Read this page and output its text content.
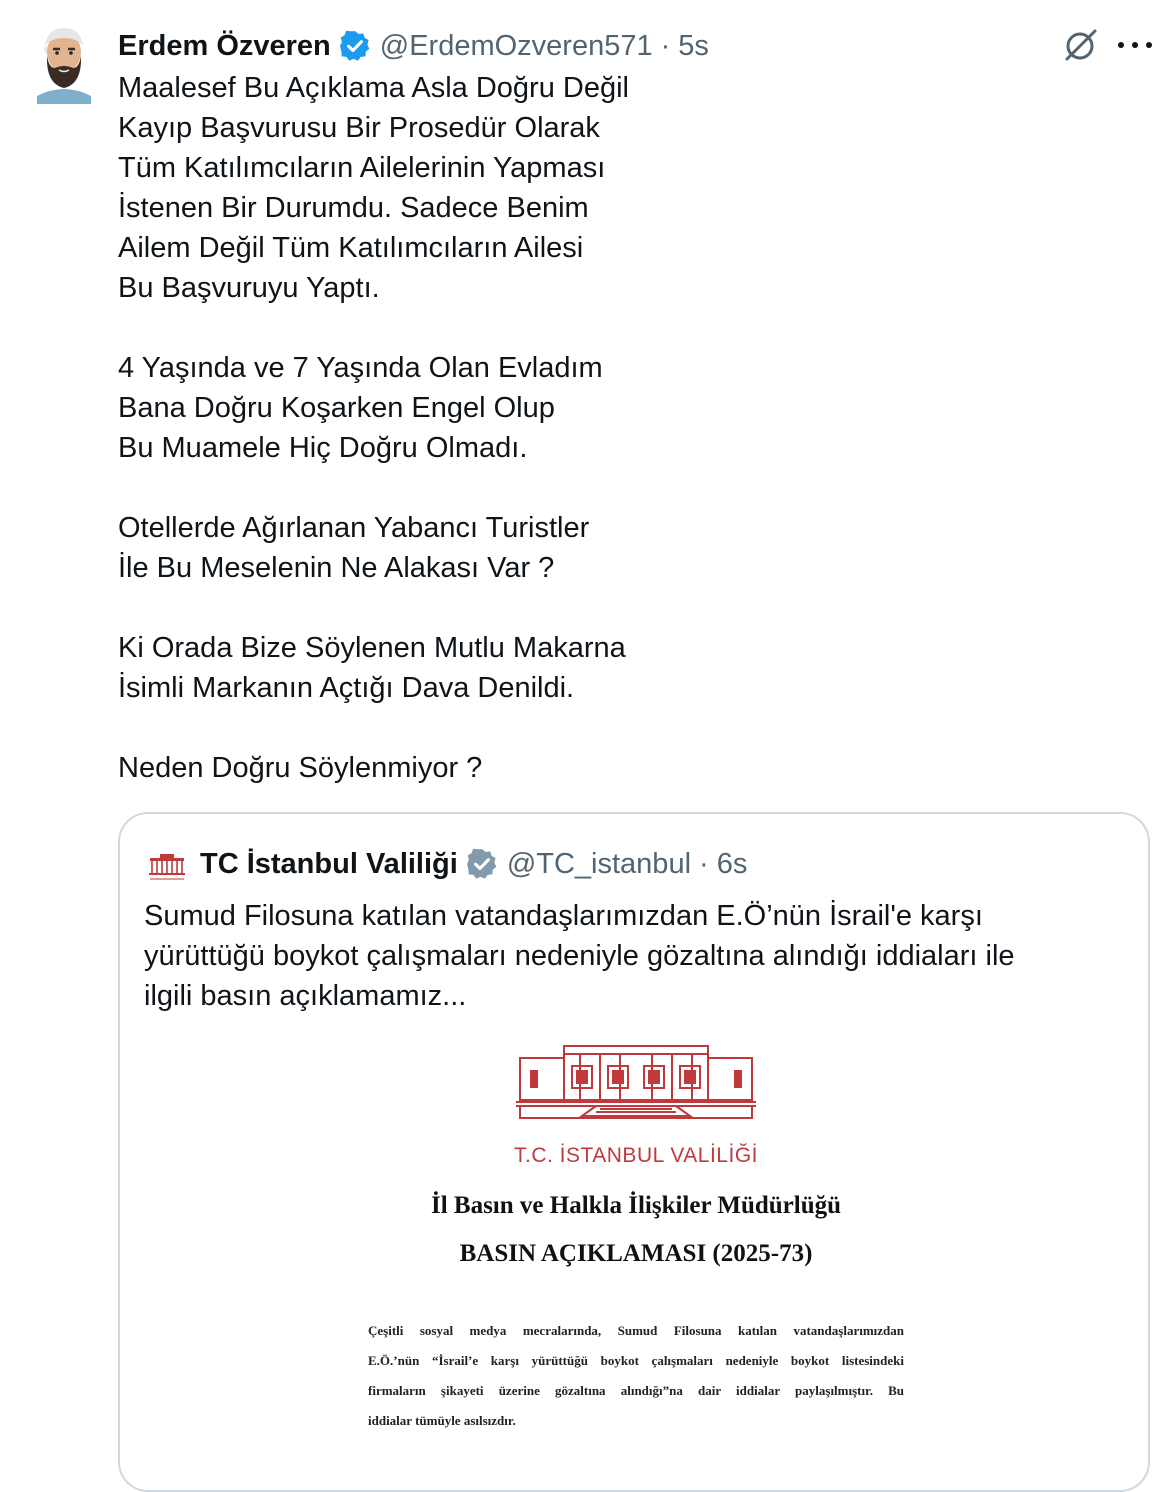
Erdem Özveren @ErdemOzveren571 · 5s
Maalesef Bu Açıklama Asla Doğru Değil
Kayıp Başvurusu Bir Prosedür Olarak
Tüm Katılımcıların Ailelerinin Yapması
İstenen Bir Durumdu. Sadece Benim
Ailem Değil Tüm Katılımcıların Ailesi
Bu Başvuruyu Yaptı.
4 Yaşında ve 7 Yaşında Olan Evladım
Bana Doğru Koşarken Engel Olup
Bu Muamele Hiç Doğru Olmadı.
Otellerde Ağırlanan Yabancı Turistler
İle Bu Meselenin Ne Alakası Var ?
Ki Orada Bize Söylenen Mutlu Makarna
İsimli Markanın Açtığı Dava Denildi.
Neden Doğru Söylenmiyor ?
TC İstanbul Valiliği @TC_istanbul · 6s
Sumud Filosuna katılan vatandaşlarımızdan E.Ö’nün İsrail'e karşı
yürüttüğü boykot çalışmaları nedeniyle gözaltına alındığı iddiaları ile
ilgili basın açıklamamız...
T.C. İSTANBUL VALİLİĞİ
İl Basın ve Halkla İlişkiler Müdürlüğü
BASIN AÇIKLAMASI (2025-73)
Çeşitli sosyal medya mecralarında, Sumud Filosuna katılan vatandaşlarımızdan
E.Ö.’nün “İsrail’e karşı yürüttüğü boykot çalışmaları nedeniyle boykot listesindeki
firmaların şikayeti üzerine gözaltına alındığı”na dair iddialar paylaşılmıştır. Bu
iddialar tümüyle asılsızdır.
